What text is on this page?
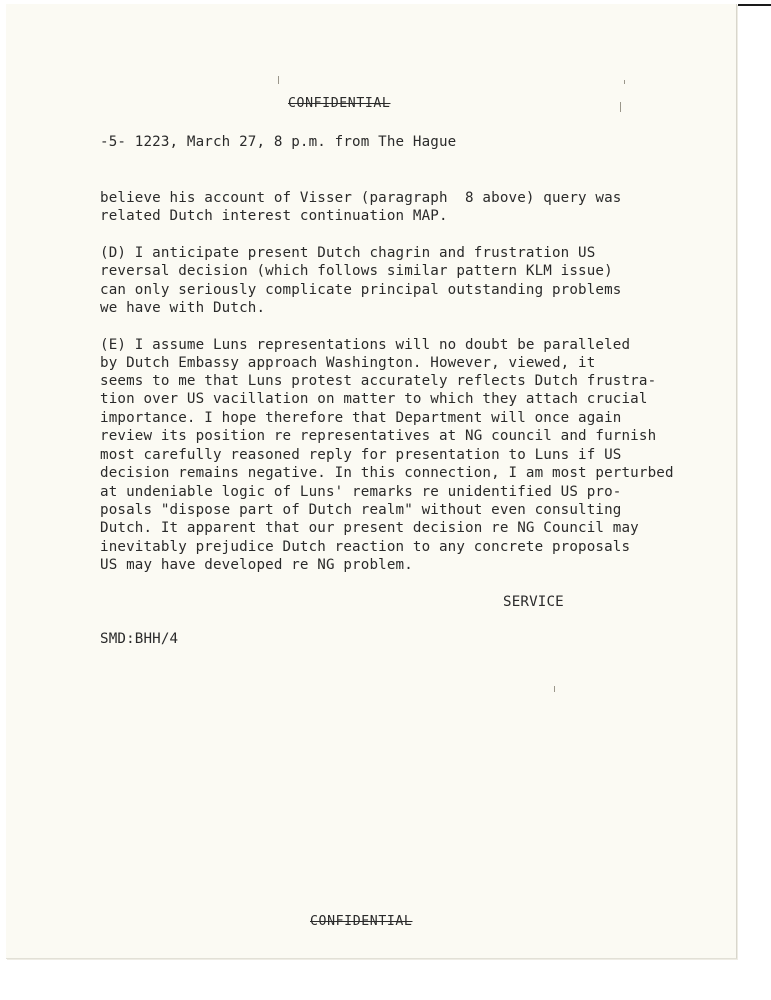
CONFIDENTIAL
-5- 1223, March 27, 8 p.m. from The Hague
believe his account of Visser (paragraph  8 above) query was
related Dutch interest continuation MAP.
(D) I anticipate present Dutch chagrin and frustration US
reversal decision (which follows similar pattern KLM issue)
can only seriously complicate principal outstanding problems
we have with Dutch.
(E) I assume Luns representations will no doubt be paralleled
by Dutch Embassy approach Washington. However, viewed, it
seems to me that Luns protest accurately reflects Dutch frustra-
tion over US vacillation on matter to which they attach crucial
importance. I hope therefore that Department will once again
review its position re representatives at NG council and furnish
most carefully reasoned reply for presentation to Luns if US
decision remains negative. In this connection, I am most perturbed
at undeniable logic of Luns' remarks re unidentified US pro-
posals "dispose part of Dutch realm" without even consulting
Dutch. It apparent that our present decision re NG Council may
inevitably prejudice Dutch reaction to any concrete proposals
US may have developed re NG problem.
SERVICE
SMD:BHH/4
CONFIDENTIAL
